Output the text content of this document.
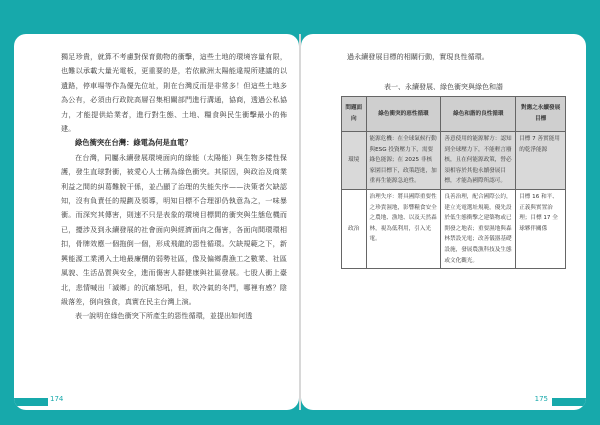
獨足珍貴，就算不考慮對保育動物的衝擊，這些土地的環境容量有限，也難以承載大量光電板，更重要的是，若依歐洲太陽能違規所建議的以遺路，停車場等作為優先位址，則在台灣反而是非常多！但這些土地多為公有，必須由行政院高層召集相關部門進行溝通，協商，透過公私協力，才能提供給業者，進行對生態、土地、糧食與民生衝擊最小的佈建。

綠色衝突在台灣：綠電為何是血電？

在台灣，同屬永續發展環境面向的綠能（太陽能）與生物多樣性保護，發生直球對衝，被愛心人士稱為綠色衝突。其原因，與政治及商業利益之間的糾葛難脫干係，並凸顯了治理的失能失序——決策者欠缺認知，沒有負責任的規劃及領導，明知目標不合理卻仍執意為之，一味暴衝。而深究其傳害，則速不只是表象的環境目標間的衝突與生態危機而已，擾涉及到永續發展的社會面向與經濟面向之傷害，各面向間環環相扣，骨牌效應一個拖倒一個，形成飛龍的惡性循環。欠缺規範之下，新興能源工業湧入土地最廉價的弱勢社區，像及偏鄉農漁工之數業、社區風貌、生活品質與安全，進而傷害人群健康與社區發展。七股人衝上臺北，悲情喊出「滅鄉」的沉痛怒吼，但，吹冷氣的冬門，哪裡有感？陰級落差，倒向強食，真實在民主台灣上演。

表一說明在綠色衝突下所產生的惡性循環，並提出如何透

174
過永續發展目標的相關行動，實現良性循環。
表一、永續發展、綠色衝突與綠色和諧
問題面向	綠色衝突的惡性循環	綠色和諧的良性循環	對應之永續發展目標
環境	能源危機：在全球氣候行動與ESG 投資壓力下，需要綠色能源；在 2025 非核家園目標下，政策趕進，加重再生能源急迫性。	善意使用的能源解方：認知到全球壓力下，不能輕言廢核，且在何能源政策，營必須相容於其他永續發展目標，才能為國際所認可。	目標 7 善實能用的乾淨能源
政治	治理失序：將具國際重要性之珍貴濕地，影響糧食安全之農地、漁地、以及天然森林，視為低利用，引入光電。	良善治理，配合國際公約，建立光電選址規範，優先設於低生態衝擊之建築物或已開發之地表；重要濕地與森林禁設光電；改善儀器基礎設施，發展農漁科技及生態或文化觀光。	目標 16 和平、正義與實置治理；目標 17 全球夥伴關係
175
